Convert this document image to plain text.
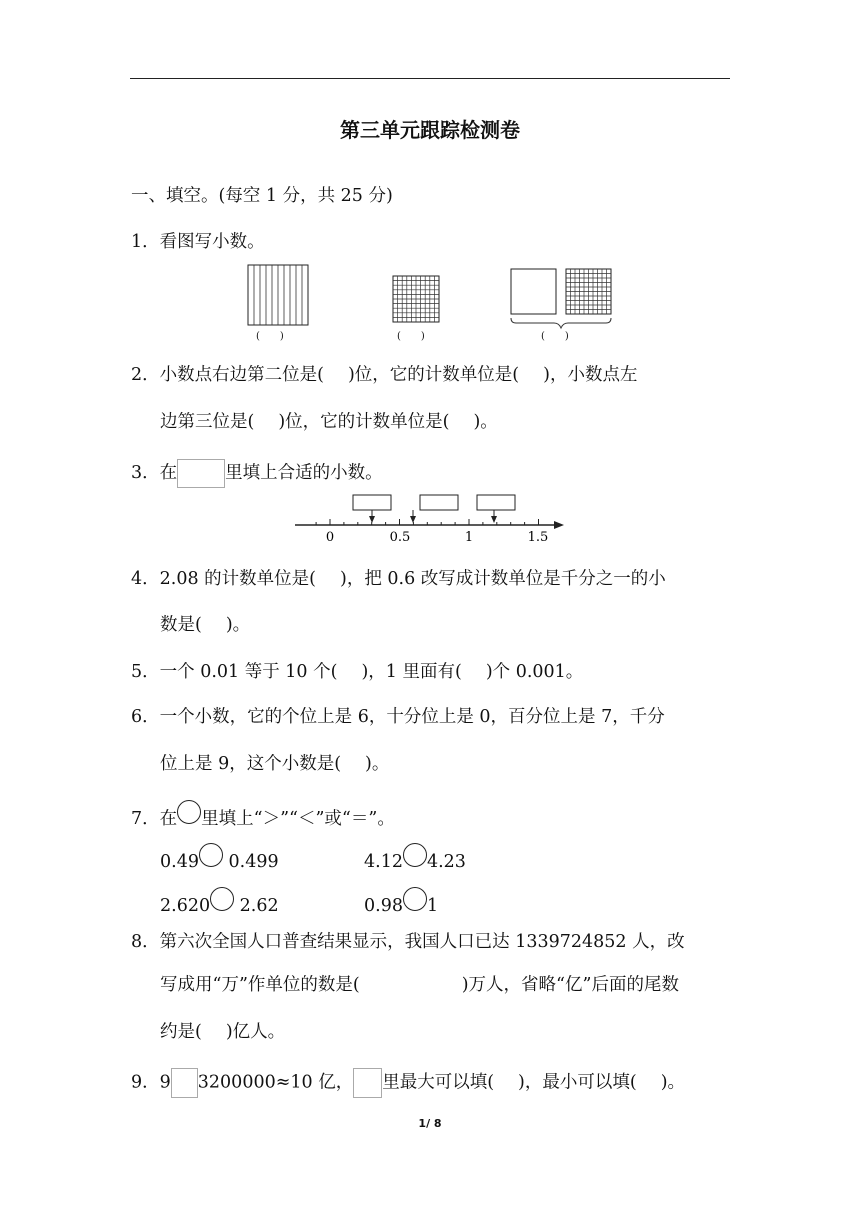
第三单元跟踪检测卷
一、填空。(每空 1 分，共 25 分)
1．看图写小数。
(　　)	(　　)	(　　)
2．小数点右边第二位是( )位，它的计数单位是( )，小数点左
边第三位是( )位，它的计数单位是( )。
3．在	里填上合适的小数。
0	0.5	1	1.5
4．2.08 的计数单位是( )，把 0.6 改写成计数单位是千分之一的小
数是( )。
5．一个 0.01 等于 10 个( )，1 里面有( )个 0.001。
6．一个小数，它的个位上是 6，十分位上是 0，百分位上是 7，千分
位上是 9，这个小数是( )。
7．在 里填上“＞”“＜”或“＝”。
0.49 0.499	4.12 4.23
2.620 2.62	0.98 1
8．第六次全国人口普查结果显示，我国人口已达 1339724852 人，改
写成用“万”作单位的数是(	)万人，省略“亿”后面的尾数
约是( )亿人。
9．9 3200000≈10 亿， 里最大可以填( )，最小可以填( )。
1/ 8
